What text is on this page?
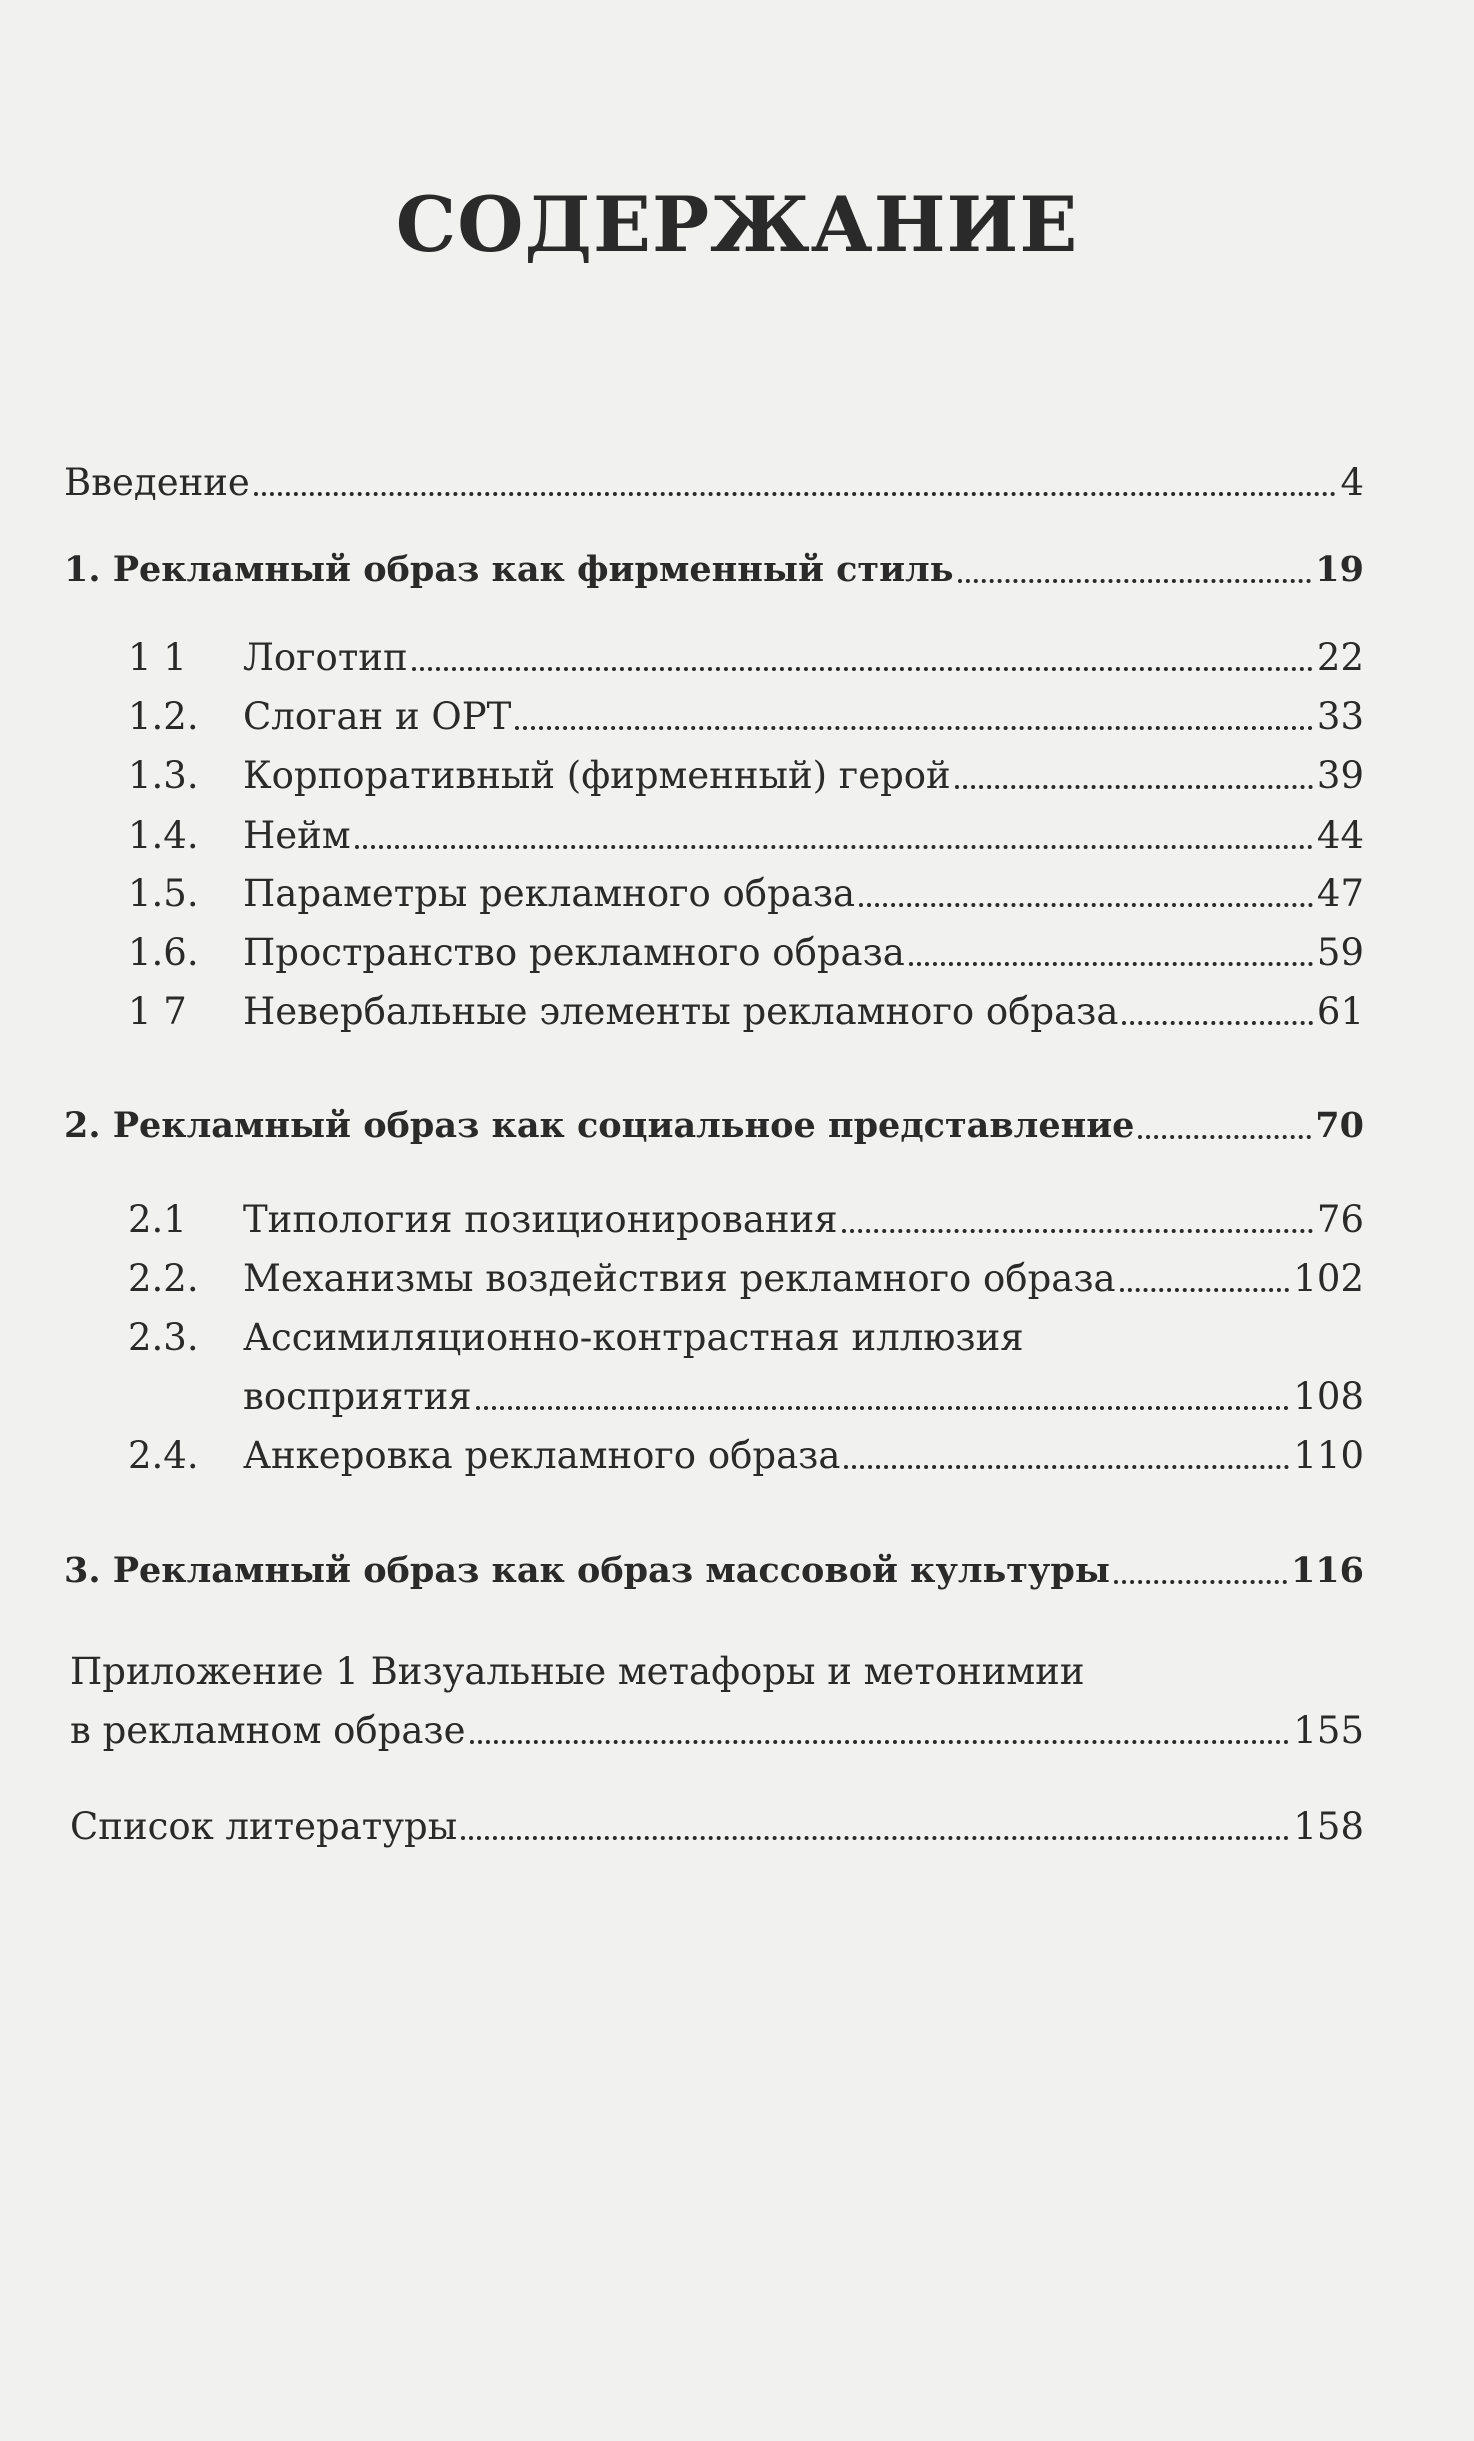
СОДЕРЖАНИЕ
Введение	4
1. Рекламный образ как фирменный стиль	19
1 1	Логотип	22
1.2.	Слоган и ОРТ	33
1.3.	Корпоративный (фирменный) герой	39
1.4.	Нейм	44
1.5.	Параметры рекламного образа	47
1.6.	Пространство рекламного образа	59
1 7	Невербальные элементы рекламного образа	61
2. Рекламный образ как социальное представление	70
2.1	Типология позиционирования	76
2.2.	Механизмы воздействия рекламного образа	102
2.3.	Ассимиляционно-контрастная иллюзия
восприятия	108
2.4.	Анкеровка рекламного образа	110
3. Рекламный образ как образ массовой культуры	116
Приложение 1 Визуальные метафоры и метонимии
в рекламном образе	155
Список литературы	158
